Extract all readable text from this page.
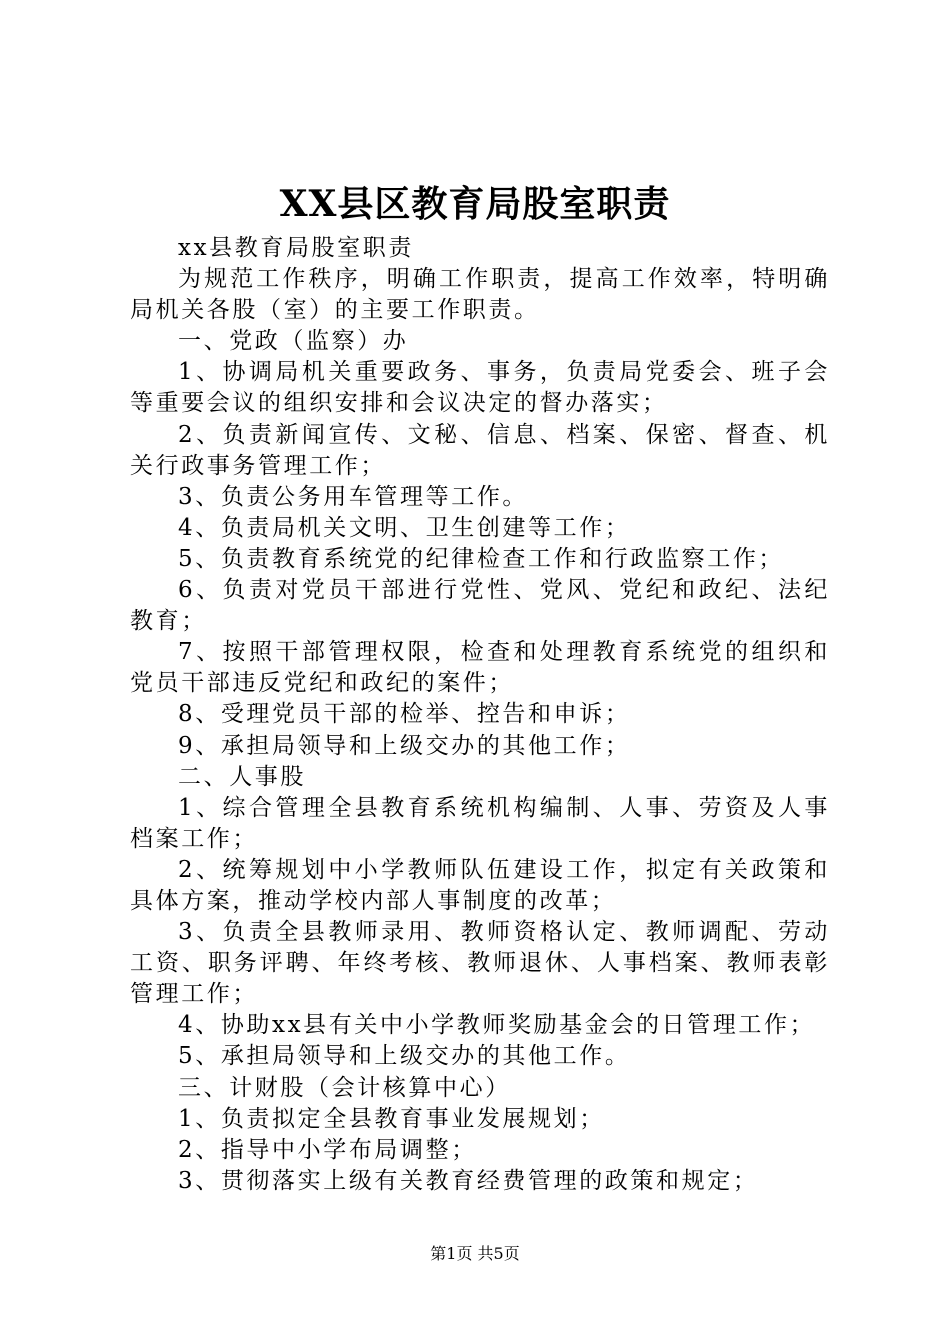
XX县区教育局股室职责

xx县教育局股室职责

为规范工作秩序，明确工作职责，提高工作效率，特明确局机关各股（室）的主要工作职责。

一、党政（监察）办

1、协调局机关重要政务、事务，负责局党委会、班子会等重要会议的组织安排和会议决定的督办落实；

2、负责新闻宣传、文秘、信息、档案、保密、督查、机关行政事务管理工作；

3、负责公务用车管理等工作。

4、负责局机关文明、卫生创建等工作；

5、负责教育系统党的纪律检查工作和行政监察工作；

6、负责对党员干部进行党性、党风、党纪和政纪、法纪教育；

7、按照干部管理权限，检查和处理教育系统党的组织和党员干部违反党纪和政纪的案件；

8、受理党员干部的检举、控告和申诉；

9、承担局领导和上级交办的其他工作；

二、人事股

1、综合管理全县教育系统机构编制、人事、劳资及人事档案工作；

2、统筹规划中小学教师队伍建设工作，拟定有关政策和具体方案，推动学校内部人事制度的改革；

3、负责全县教师录用、教师资格认定、教师调配、劳动工资、职务评聘、年终考核、教师退休、人事档案、教师表彰管理工作；

4、协助xx县有关中小学教师奖励基金会的日管理工作；

5、承担局领导和上级交办的其他工作。

三、计财股（会计核算中心）

1、负责拟定全县教育事业发展规划；

2、指导中小学布局调整；

3、贯彻落实上级有关教育经费管理的政策和规定；

第1页 共5页
